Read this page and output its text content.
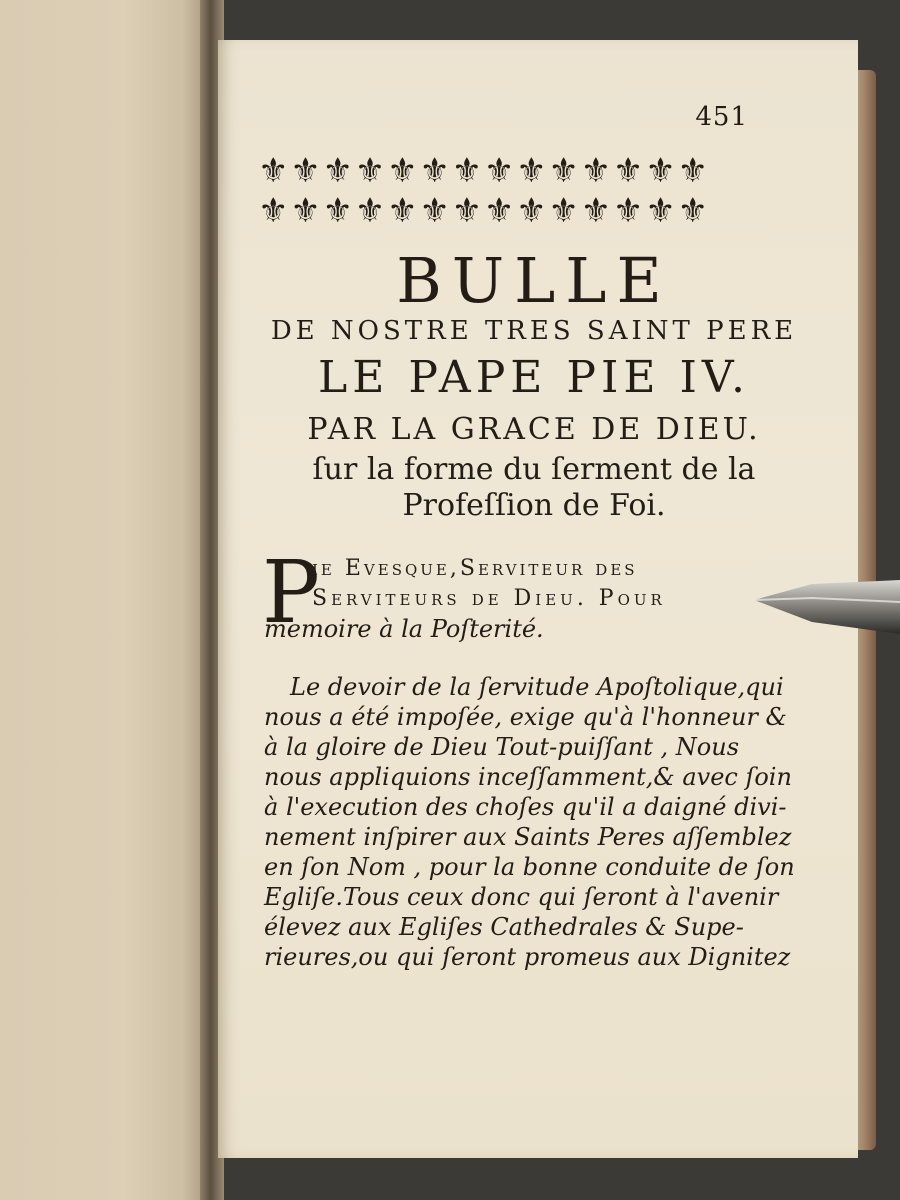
451
⚜ ⚜ ⚜ ⚜ ⚜ ⚜ ⚜ ⚜ ⚜ ⚜ ⚜ ⚜ ⚜ ⚜
⚜ ⚜ ⚜ ⚜ ⚜ ⚜ ⚜ ⚜ ⚜ ⚜ ⚜ ⚜ ⚜ ⚜
BULLE
DE NOSTRE TRES SAINT PERE
LE PAPE PIE IV.
PAR LA GRACE DE DIEU.
ſur la forme du ſerment de la
Profeſſion de Foi.
P
ie Evesque,Serviteur des
Serviteurs de Dieu. Pour
memoire à la Poſterité.
Le devoir de la ſervitude Apoſtolique,qui
nous a été impoſée, exige qu'à l'honneur &
à la gloire de Dieu Tout-puiſſant , Nous
nous appliquions inceſſamment,& avec ſoin
à l'execution des choſes qu'il a daigné divi-
nement inſpirer aux Saints Peres aſſemblez
en ſon Nom , pour la bonne conduite de ſon
Egliſe.Tous ceux donc qui ſeront à l'avenir
élevez aux Egliſes Cathedrales & Supe-
rieures,ou qui ſeront promeus aux Dignitez
